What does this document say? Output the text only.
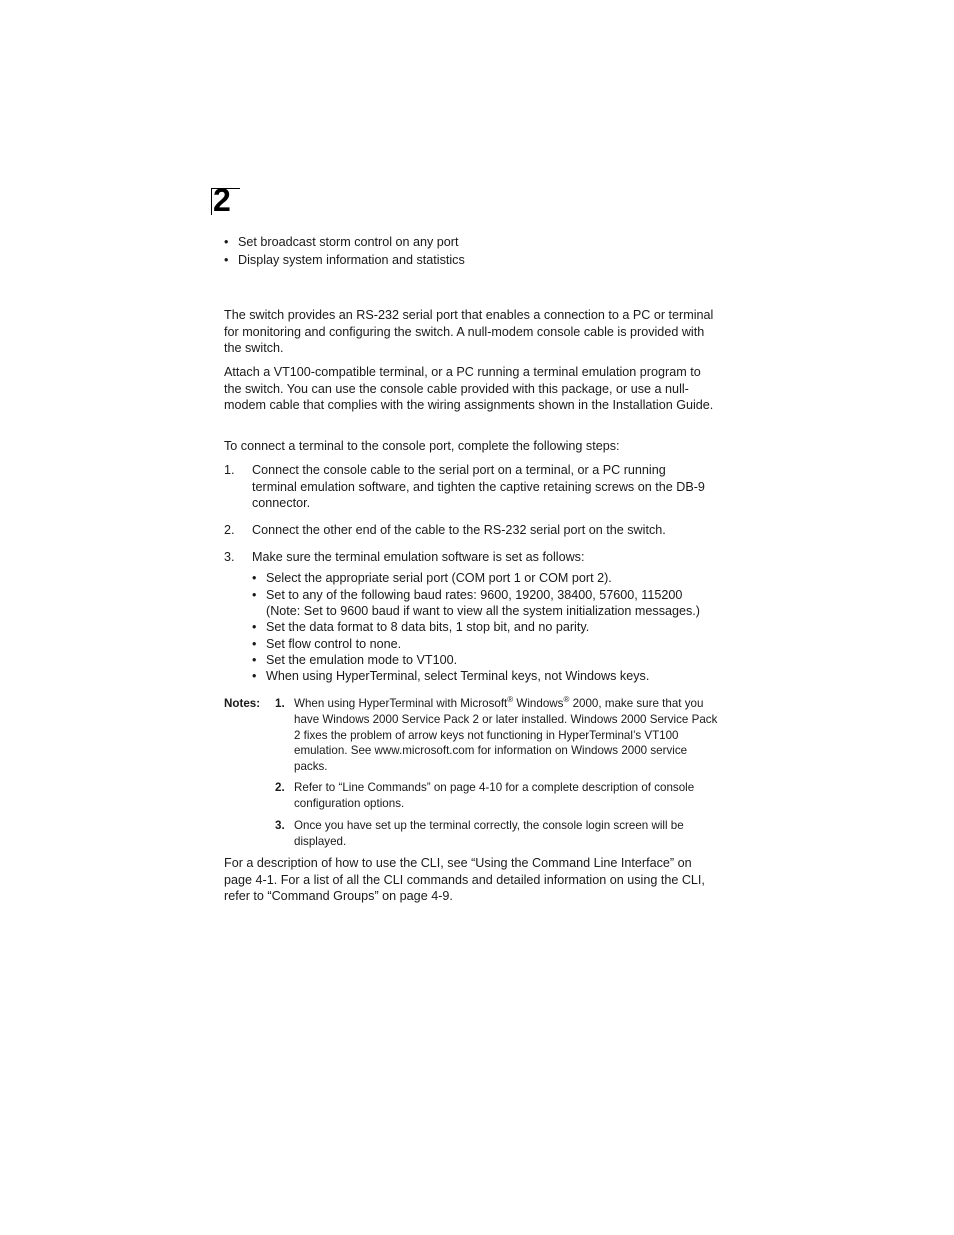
2
• Set broadcast storm control on any port
• Display system information and statistics
The switch provides an RS-232 serial port that enables a connection to a PC or terminal for monitoring and configuring the switch. A null-modem console cable is provided with the switch.
Attach a VT100-compatible terminal, or a PC running a terminal emulation program to the switch. You can use the console cable provided with this package, or use a null-modem cable that complies with the wiring assignments shown in the Installation Guide.
To connect a terminal to the console port, complete the following steps:
1. Connect the console cable to the serial port on a terminal, or a PC running terminal emulation software, and tighten the captive retaining screws on the DB-9 connector.
2. Connect the other end of the cable to the RS-232 serial port on the switch.
3. Make sure the terminal emulation software is set as follows:
• Select the appropriate serial port (COM port 1 or COM port 2).
• Set to any of the following baud rates: 9600, 19200, 38400, 57600, 115200
(Note: Set to 9600 baud if want to view all the system initialization messages.)
• Set the data format to 8 data bits, 1 stop bit, and no parity.
• Set flow control to none.
• Set the emulation mode to VT100.
• When using HyperTerminal, select Terminal keys, not Windows keys.
Notes: 1. When using HyperTerminal with Microsoft® Windows® 2000, make sure that you have Windows 2000 Service Pack 2 or later installed. Windows 2000 Service Pack 2 fixes the problem of arrow keys not functioning in HyperTerminal’s VT100 emulation. See www.microsoft.com for information on Windows 2000 service packs.
2. Refer to “Line Commands” on page 4-10 for a complete description of console configuration options.
3. Once you have set up the terminal correctly, the console login screen will be displayed.
For a description of how to use the CLI, see “Using the Command Line Interface” on page 4-1. For a list of all the CLI commands and detailed information on using the CLI, refer to “Command Groups” on page 4-9.
